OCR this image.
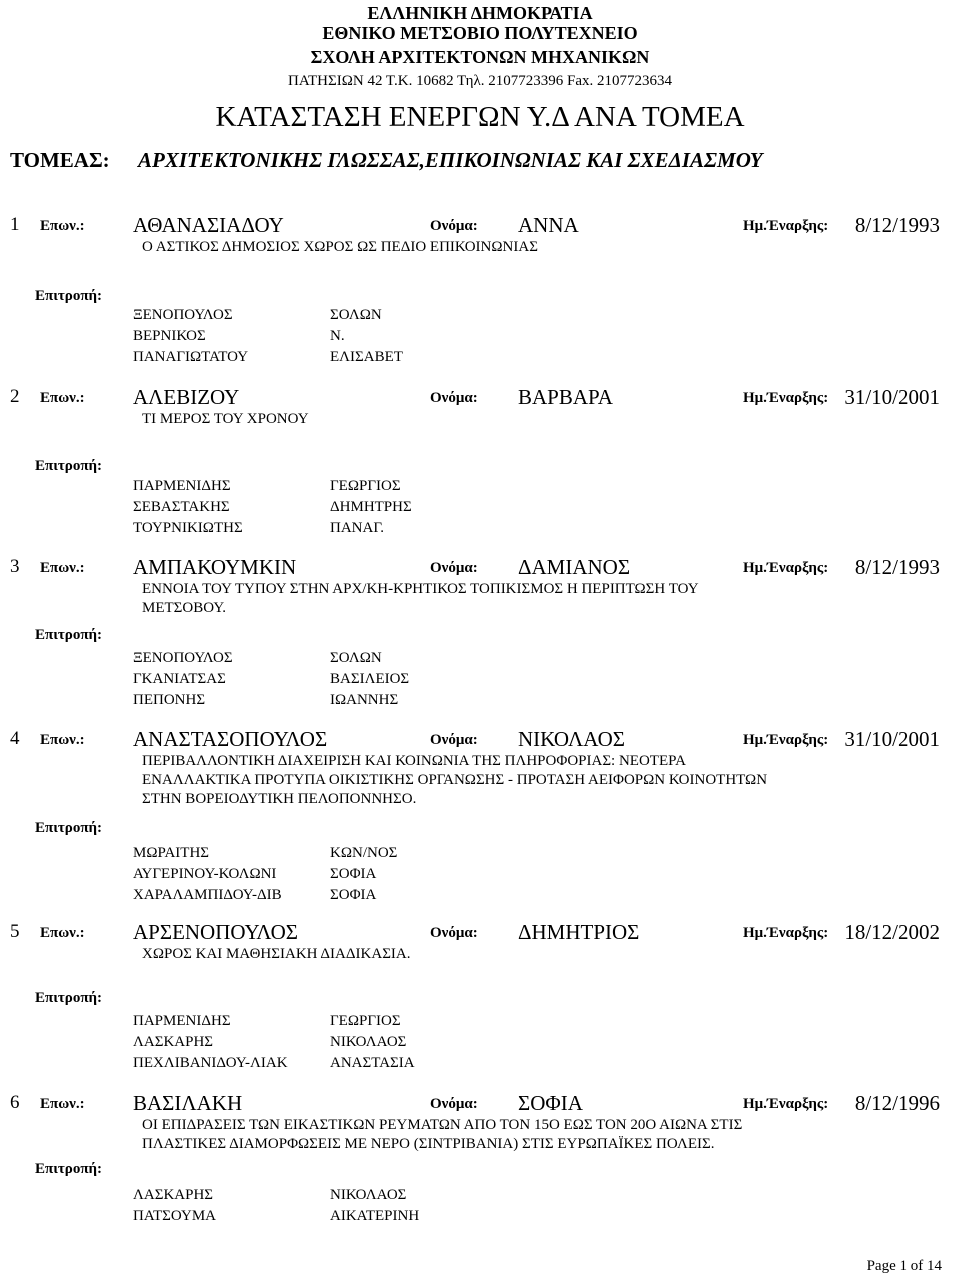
ΕΛΛΗΝΙΚΗ ΔΗΜΟΚΡΑΤΙΑ
ΕΘΝΙΚΟ ΜΕΤΣΟΒΙΟ ΠΟΛΥΤΕΧΝΕΙΟ
ΣΧΟΛΗ ΑΡΧΙΤΕΚΤΟΝΩΝ ΜΗΧΑΝΙΚΩΝ
ΠΑΤΗΣΙΩΝ 42 Τ.Κ. 10682 Τηλ. 2107723396 Fax. 2107723634
ΚΑΤΑΣΤΑΣΗ ΕΝΕΡΓΩΝ Υ.Δ ΑΝΑ ΤΟΜΕΑ
ΤΟΜΕΑΣ: ΑΡΧΙΤΕΚΤΟΝΙΚΗΣ ΓΛΩΣΣΑΣ,ΕΠΙΚΟΙΝΩΝΙΑΣ ΚΑΙ ΣΧΕΔΙΑΣΜΟΥ
1 Επων.: ΑΘΑΝΑΣΙΑΔΟΥ	Ονόμα: ΑΝΝΑ	Ημ.Έναρξης: 8/12/1993
Ο ΑΣΤΙΚΟΣ ΔΗΜΟΣΙΟΣ ΧΩΡΟΣ ΩΣ ΠΕΔΙΟ ΕΠΙΚΟΙΝΩΝΙΑΣ
Επιτροπή:
ΞΕΝΟΠΟΥΛΟΣ	ΣΟΛΩΝ
ΒΕΡΝΙΚΟΣ	Ν.
ΠΑΝΑΓΙΩΤΑΤΟΥ	ΕΛΙΣΑΒΕΤ
2 Επων.: ΑΛΕΒΙΖΟΥ	Ονόμα: ΒΑΡΒΑΡΑ	Ημ.Έναρξης: 31/10/2001
ΤΙ ΜΕΡΟΣ ΤΟΥ ΧΡΟΝΟΥ
Επιτροπή:
ΠΑΡΜΕΝΙΔΗΣ	ΓΕΩΡΓΙΟΣ
ΣΕΒΑΣΤΑΚΗΣ	ΔΗΜΗΤΡΗΣ
ΤΟΥΡΝΙΚΙΩΤΗΣ	ΠΑΝΑΓ.
3 Επων.: ΑΜΠΑΚΟΥΜΚΙΝ	Ονόμα: ΔΑΜΙΑΝΟΣ	Ημ.Έναρξης: 8/12/1993
ΕΝΝΟΙΑ ΤΟΥ ΤΥΠΟΥ ΣΤΗΝ ΑΡΧ/ΚΗ-ΚΡΗΤΙΚΟΣ ΤΟΠΙΚΙΣΜΟΣ Η ΠΕΡΙΠΤΩΣΗ ΤΟΥ ΜΕΤΣΟΒΟΥ.
Επιτροπή:
ΞΕΝΟΠΟΥΛΟΣ	ΣΟΛΩΝ
ΓΚΑΝΙΑΤΣΑΣ	ΒΑΣΙΛΕΙΟΣ
ΠΕΠΟΝΗΣ	ΙΩΑΝΝΗΣ
4 Επων.: ΑΝΑΣΤΑΣΟΠΟΥΛΟΣ	Ονόμα: ΝΙΚΟΛΑΟΣ	Ημ.Έναρξης: 31/10/2001
ΠΕΡΙΒΑΛΛΟΝΤΙΚΗ ΔΙΑΧΕΙΡΙΣΗ ΚΑΙ ΚΟΙΝΩΝΙΑ ΤΗΣ ΠΛΗΡΟΦΟΡΙΑΣ: ΝΕΟΤΕΡΑ ΕΝΑΛΛΑΚΤΙΚΑ ΠΡΟΤΥΠΑ ΟΙΚΙΣΤΙΚΗΣ ΟΡΓΑΝΩΣΗΣ - ΠΡΟΤΑΣΗ ΑΕΙΦΟΡΩΝ ΚΟΙΝΟΤΗΤΩΝ ΣΤΗΝ ΒΟΡΕΙΟΔΥΤΙΚΗ ΠΕΛΟΠΟΝΝΗΣΟ.
Επιτροπή:
ΜΩΡΑΙΤΗΣ	ΚΩΝ/ΝΟΣ
ΑΥΓΕΡΙΝΟΥ-ΚΟΛΩΝΙ	ΣΟΦΙΑ
ΧΑΡΑΛΑΜΠΙΔΟΥ-ΔΙΒ	ΣΟΦΙΑ
5 Επων.: ΑΡΣΕΝΟΠΟΥΛΟΣ	Ονόμα: ΔΗΜΗΤΡΙΟΣ	Ημ.Έναρξης: 18/12/2002
ΧΩΡΟΣ ΚΑΙ ΜΑΘΗΣΙΑΚΗ ΔΙΑΔΙΚΑΣΙΑ.
Επιτροπή:
ΠΑΡΜΕΝΙΔΗΣ	ΓΕΩΡΓΙΟΣ
ΛΑΣΚΑΡΗΣ	ΝΙΚΟΛΑΟΣ
ΠΕΧΛΙΒΑΝΙΔΟΥ-ΛΙΑΚ	ΑΝΑΣΤΑΣΙΑ
6 Επων.: ΒΑΣΙΛΑΚΗ	Ονόμα: ΣΟΦΙΑ	Ημ.Έναρξης: 8/12/1996
ΟΙ ΕΠΙΔΡΑΣΕΙΣ ΤΩΝ ΕΙΚΑΣΤΙΚΩΝ ΡΕΥΜΑΤΩΝ ΑΠΟ ΤΟΝ 15Ο ΕΩΣ ΤΟΝ 20Ο ΑΙΩΝΑ ΣΤΙΣ ΠΛΑΣΤΙΚΕΣ ΔΙΑΜΟΡΦΩΣΕΙΣ ΜΕ ΝΕΡΟ (ΣΙΝΤΡΙΒΑΝΙΑ) ΣΤΙΣ ΕΥΡΩΠΑΪΚΕΣ ΠΟΛΕΙΣ.
Επιτροπή:
ΛΑΣΚΑΡΗΣ	ΝΙΚΟΛΑΟΣ
ΠΑΤΣΟΥΜΑ	ΑΙΚΑΤΕΡΙΝΗ
Page 1 of 14
